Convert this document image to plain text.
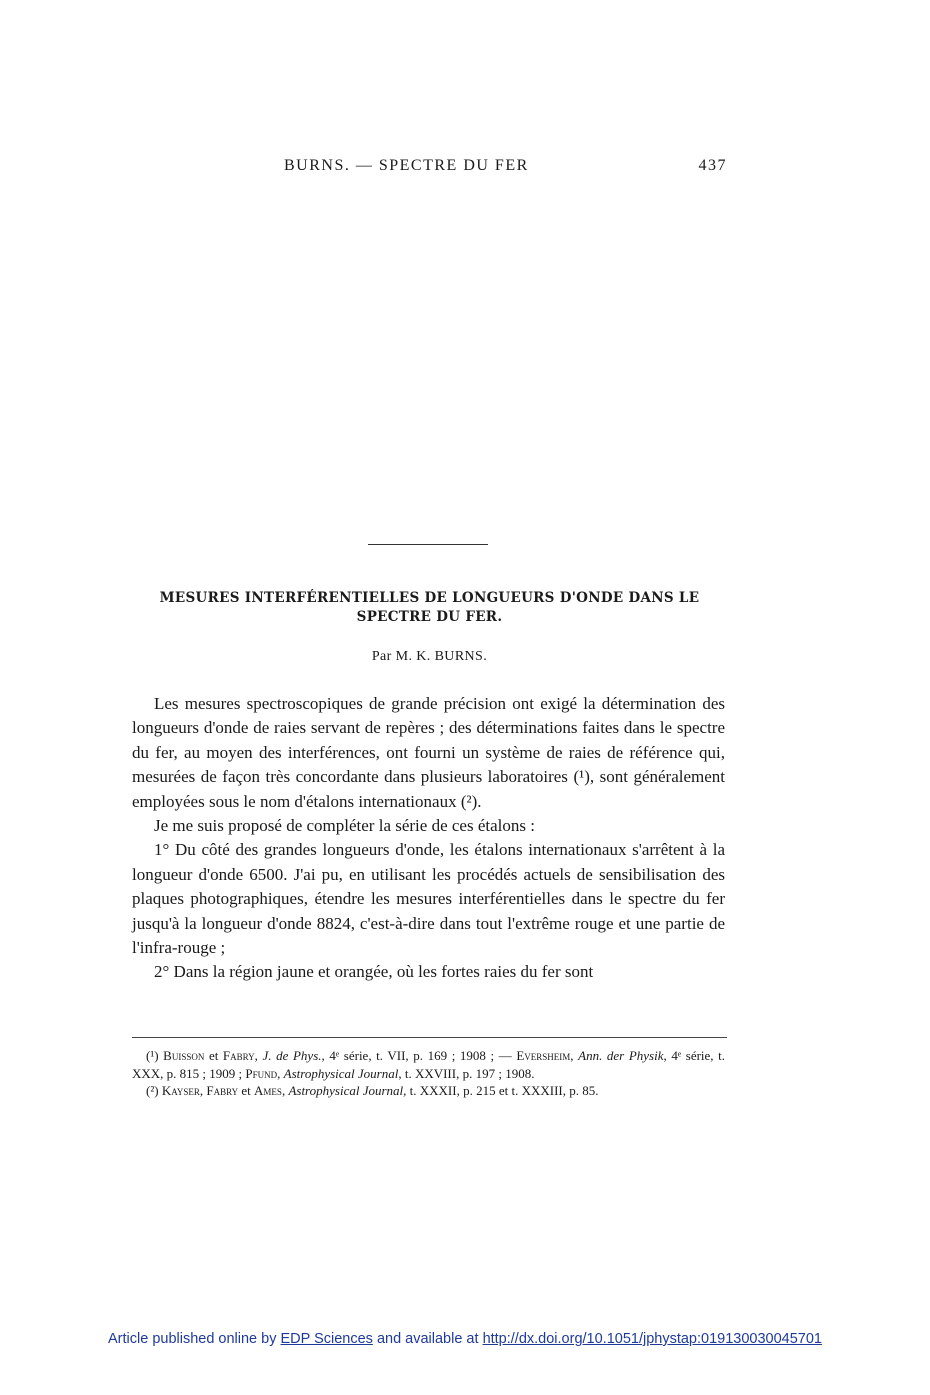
BURNS. — SPECTRE DU FER	437
MESURES INTERFÉRENTIELLES DE LONGUEURS D'ONDE DANS LE SPECTRE DU FER.
Par M. K. BURNS.

Les mesures spectroscopiques de grande précision ont exigé la détermination des longueurs d'onde de raies servant de repères ; des déterminations faites dans le spectre du fer, au moyen des interférences, ont fourni un système de raies de référence qui, mesurées de façon très concordante dans plusieurs laboratoires (¹), sont généralement employées sous le nom d'étalons internationaux (²).

Je me suis proposé de compléter la série de ces étalons :

1° Du côté des grandes longueurs d'onde, les étalons internationaux s'arrêtent à la longueur d'onde 6500. J'ai pu, en utilisant les procédés actuels de sensibilisation des plaques photographiques, étendre les mesures interférentielles dans le spectre du fer jusqu'à la longueur d'onde 8824, c'est-à-dire dans tout l'extrême rouge et une partie de l'infra-rouge ;

2° Dans la région jaune et orangée, où les fortes raies du fer sont

(¹) Buisson et Fabry, J. de Phys., 4ᵉ série, t. VII, p. 169 ; 1908 ; — Eversheim, Ann. der Physik, 4ᵉ série, t. XXX, p. 815 ; 1909 ; Pfund, Astrophysical Journal, t. XXVIII, p. 197 ; 1908.

(²) Kayser, Fabry et Ames, Astrophysical Journal, t. XXXII, p. 215 et t. XXXIII, p. 85.

Article published online by EDP Sciences and available at http://dx.doi.org/10.1051/jphystap:019130030045701
